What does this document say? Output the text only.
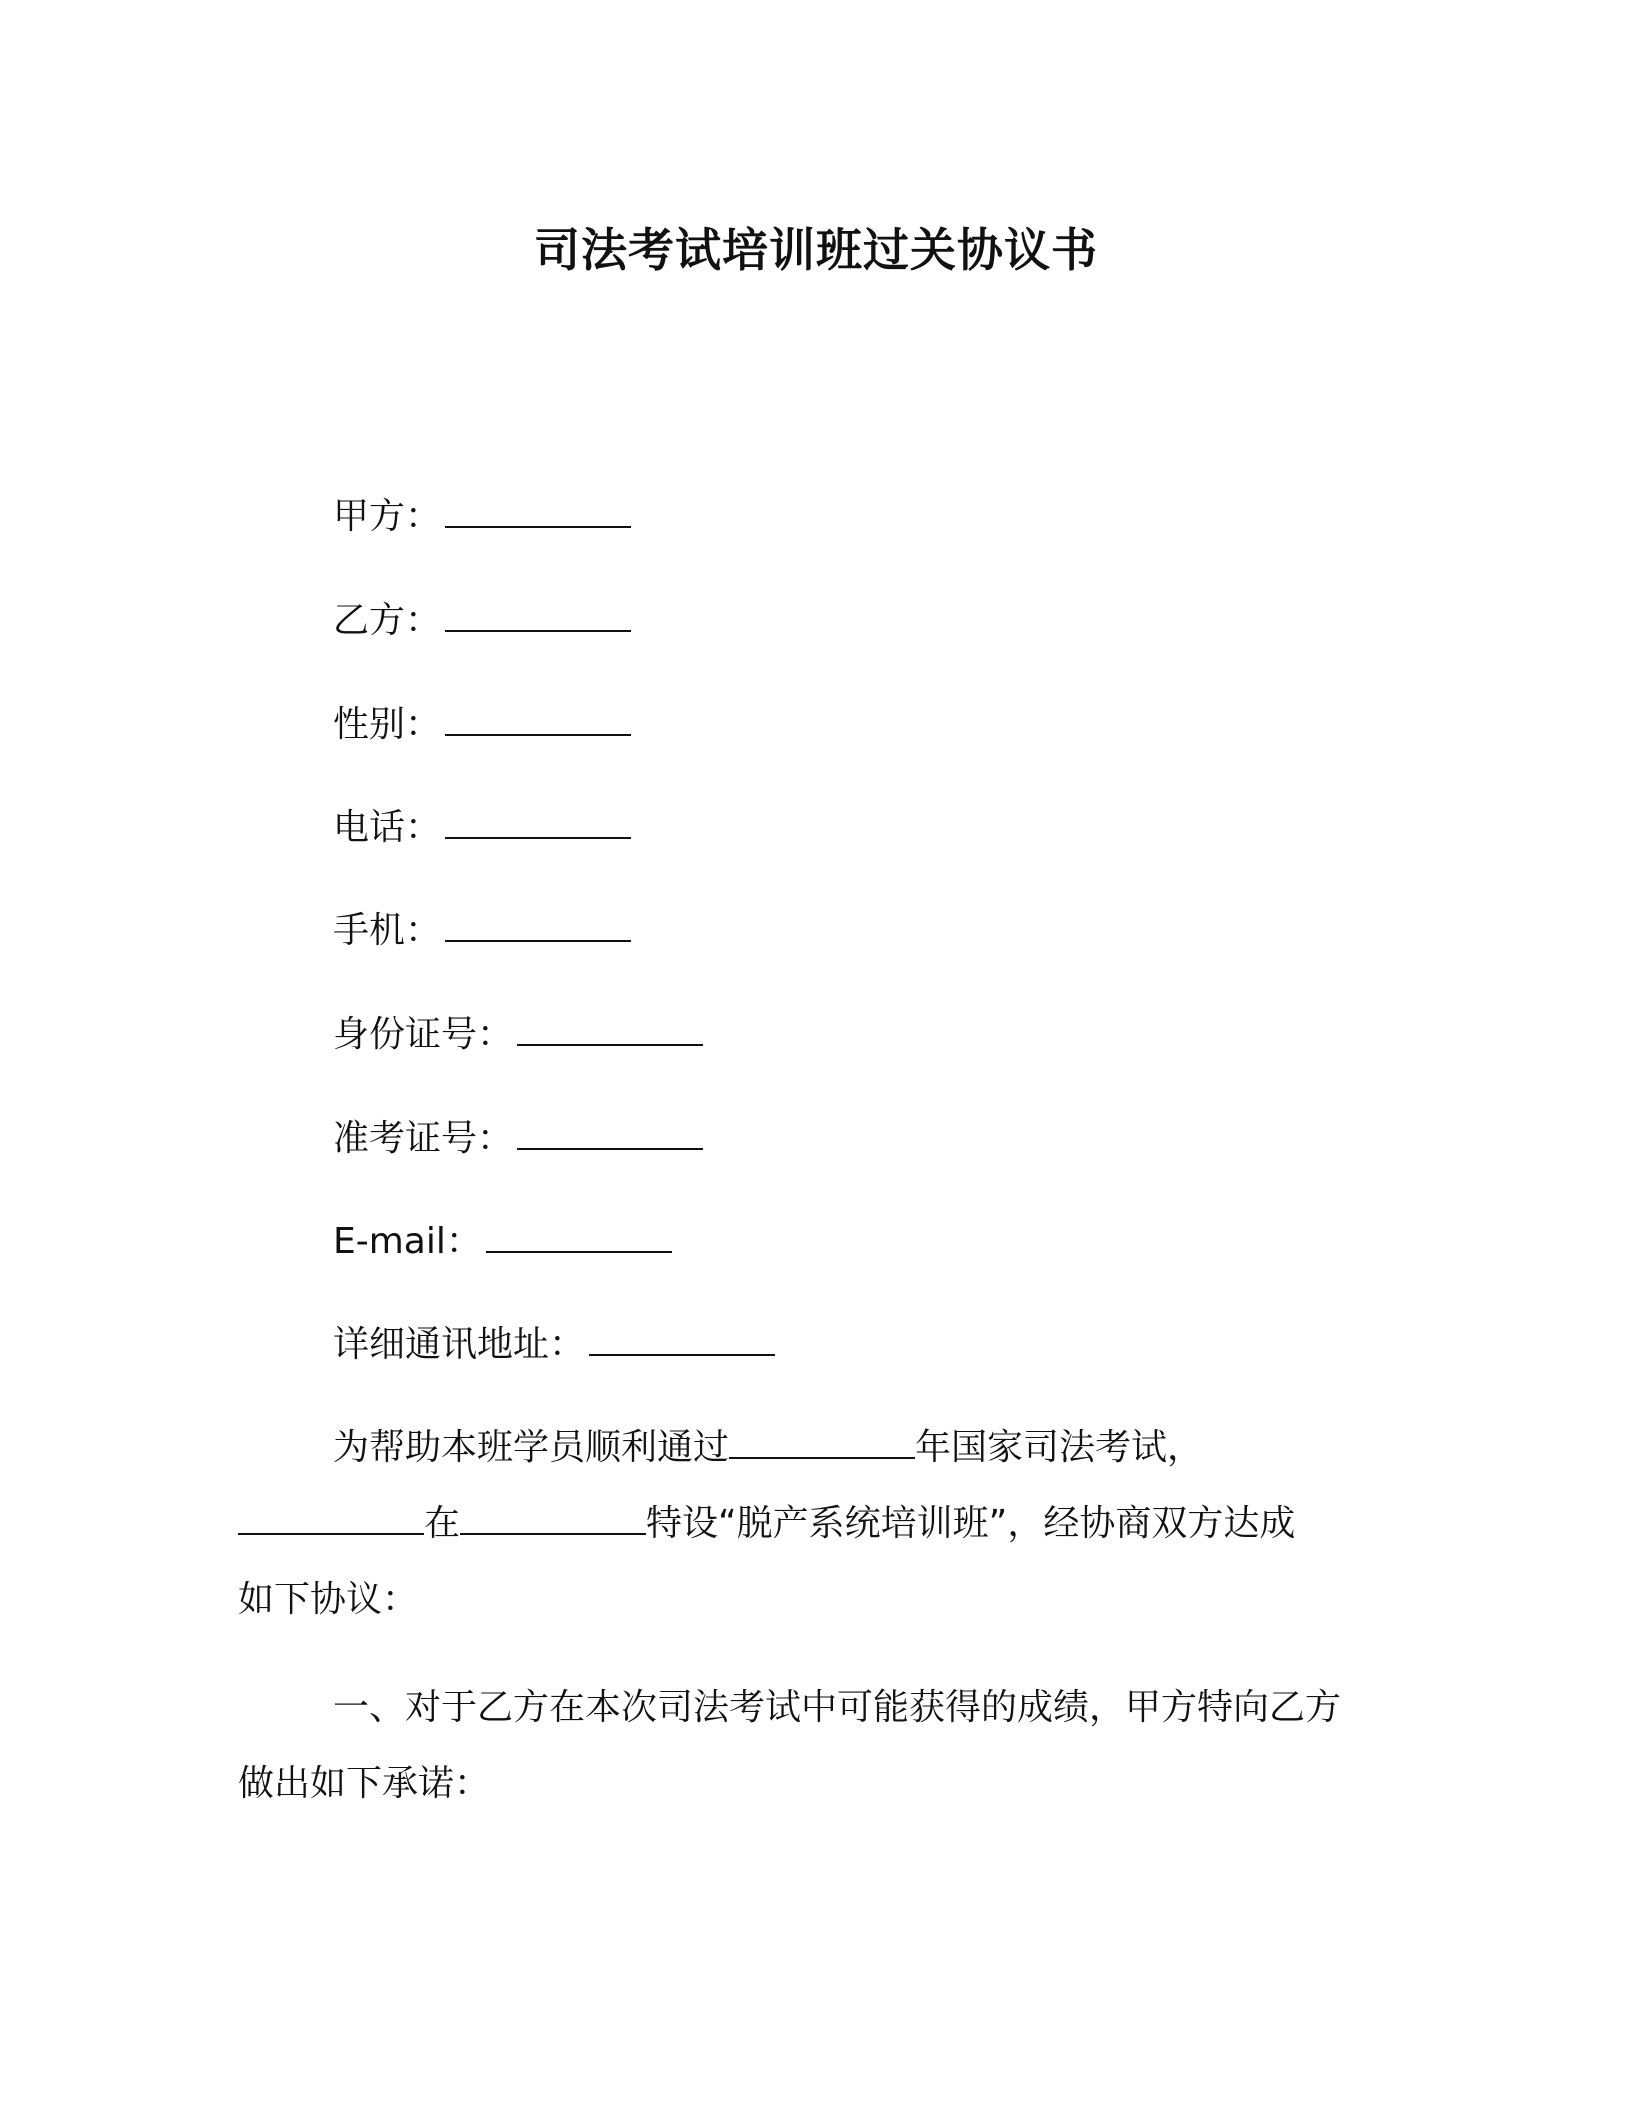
司法考试培训班过关协议书
甲方：
乙方：
性别：
电话：
手机：
身份证号：
准考证号：
E-mail：
详细通讯地址：
为帮助本班学员顺利通过	年国家司法考试，
在	特设“脱产系统培训班”，经协商双方达成
如下协议：
一、对于乙方在本次司法考试中可能获得的成绩，甲方特向乙方
做出如下承诺：
